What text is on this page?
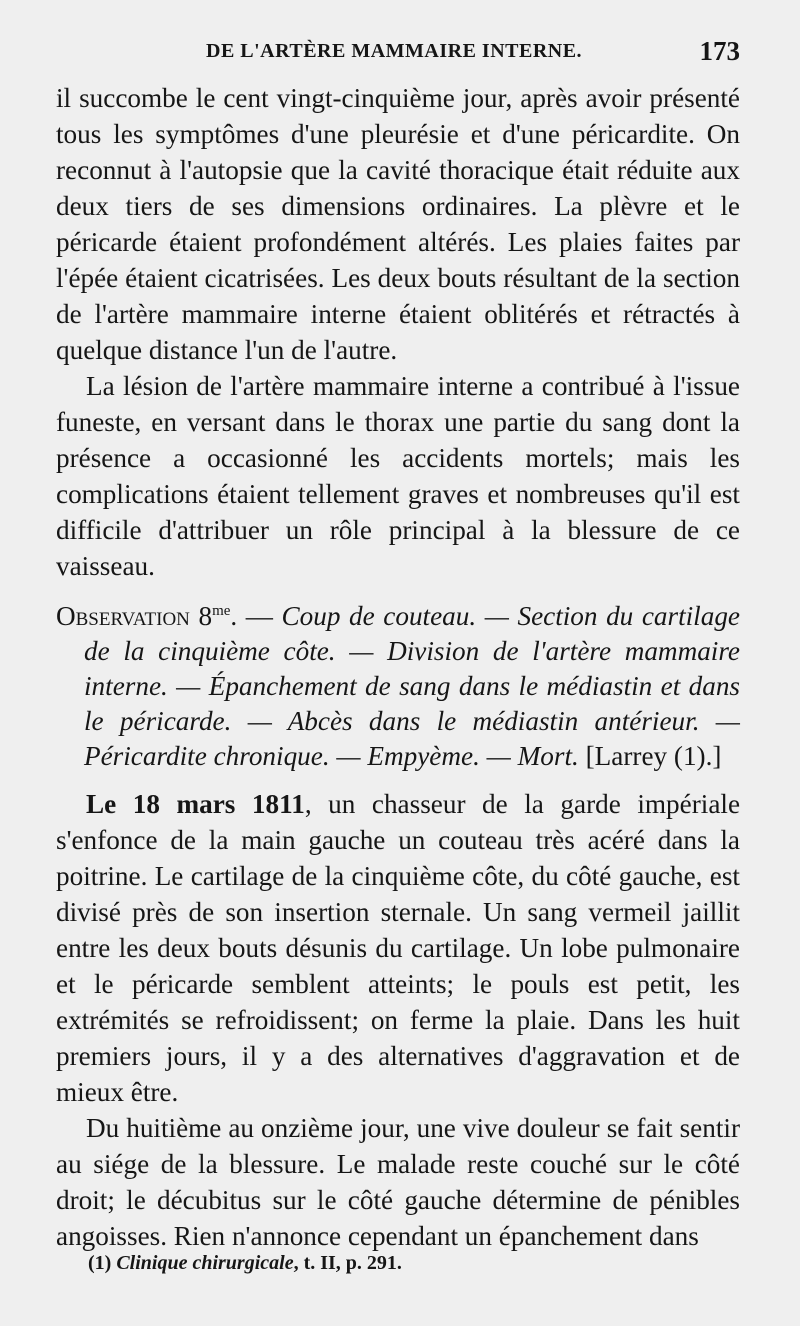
DE L'ARTÈRE MAMMAIRE INTERNE.	173

il succombe le cent vingt-cinquième jour, après avoir présenté tous les symptômes d'une pleurésie et d'une péricardite. On reconnut à l'autopsie que la cavité thoracique était réduite aux deux tiers de ses dimensions ordinaires. La plèvre et le péricarde étaient profondément altérés. Les plaies faites par l'épée étaient cicatrisées. Les deux bouts résultant de la section de l'artère mammaire interne étaient oblitérés et rétractés à quelque distance l'un de l'autre.

La lésion de l'artère mammaire interne a contribué à l'issue funeste, en versant dans le thorax une partie du sang dont la présence a occasionné les accidents mortels; mais les complications étaient tellement graves et nombreuses qu'il est difficile d'attribuer un rôle principal à la blessure de ce vaisseau.

Observation $8^{me}$. — Coup de couteau. — Section du cartilage de la cinquième côte. — Division de l'artère mammaire interne. — Épanchement de sang dans le médiastin et dans le péricarde. — Abcès dans le médiastin antérieur. — Péricardite chronique. — Empyème. — Mort. [Larrey (1).]

Le 18 mars 1811, un chasseur de la garde impériale s'enfonce de la main gauche un couteau très acéré dans la poitrine. Le cartilage de la cinquième côte, du côté gauche, est divisé près de son insertion sternale. Un sang vermeil jaillit entre les deux bouts désunis du cartilage. Un lobe pulmonaire et le péricarde semblent atteints; le pouls est petit, les extrémités se refroidissent; on ferme la plaie. Dans les huit premiers jours, il y a des alternatives d'aggravation et de mieux être.

Du huitième au onzième jour, une vive douleur se fait sentir au siége de la blessure. Le malade reste couché sur le côté droit; le décubitus sur le côté gauche détermine de pénibles angoisses. Rien n'annonce cependant un épanchement dans

(1) Clinique chirurgicale, t. II, p. 291.
